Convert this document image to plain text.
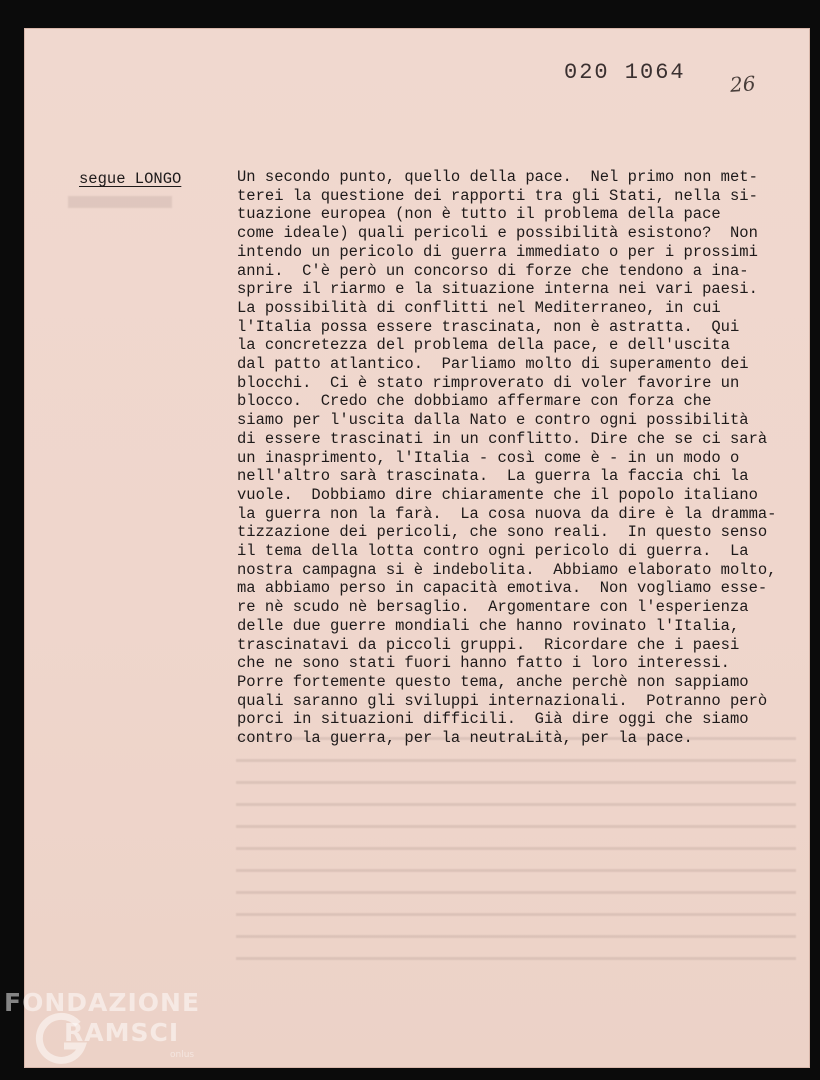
020 1064 26
segue LONGO	Un secondo punto, quello della pace.  Nel primo non met-
terei la questione dei rapporti tra gli Stati, nella si-
tuazione europea (non è tutto il problema della pace
come ideale) quali pericoli e possibilità esistono?  Non
intendo un pericolo di guerra immediato o per i prossimi
anni.  C'è però un concorso di forze che tendono a ina-
sprire il riarmo e la situazione interna nei vari paesi.
La possibilità di conflitti nel Mediterraneo, in cui
l'Italia possa essere trascinata, non è astratta.  Qui
la concretezza del problema della pace, e dell'uscita
dal patto atlantico.  Parliamo molto di superamento dei
blocchi.  Ci è stato rimproverato di voler favorire un
blocco.  Credo che dobbiamo affermare con forza che
siamo per l'uscita dalla Nato e contro ogni possibilità
di essere trascinati in un conflitto. Dire che se ci sarà
un inasprimento, l'Italia - così come è - in un modo o
nell'altro sarà trascinata.  La guerra la faccia chi la
vuole.  Dobbiamo dire chiaramente che il popolo italiano
la guerra non la farà.  La cosa nuova da dire è la dramma-
tizzazione dei pericoli, che sono reali.  In questo senso
il tema della lotta contro ogni pericolo di guerra.  La
nostra campagna si è indebolita.  Abbiamo elaborato molto,
ma abbiamo perso in capacità emotiva.  Non vogliamo esse-
re nè scudo nè bersaglio.  Argomentare con l'esperienza
delle due guerre mondiali che hanno rovinato l'Italia,
trascinatavi da piccoli gruppi.  Ricordare che i paesi
che ne sono stati fuori hanno fatto i loro interessi.
Porre fortemente questo tema, anche perchè non sappiamo
quali saranno gli sviluppi internazionali.  Potranno però
porci in situazioni difficili.  Già dire oggi che siamo
contro la guerra, per la neutraLità, per la pace.
FONDAZIONE
RAMSCI
onlus
